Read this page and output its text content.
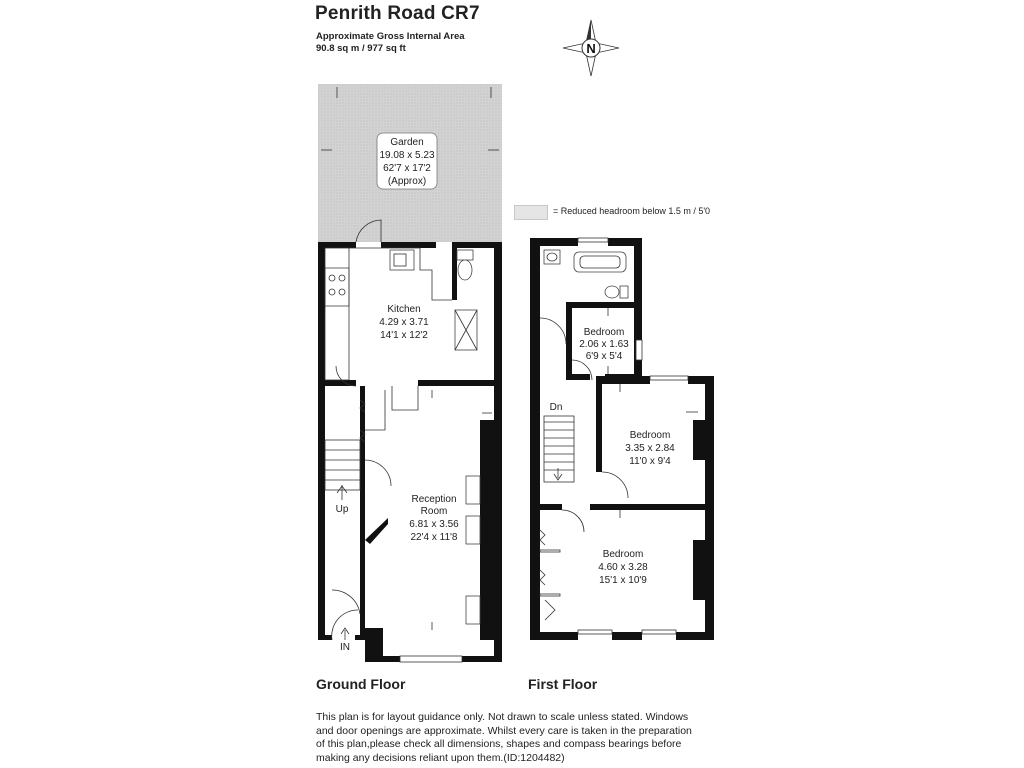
Penrith Road CR7
Approximate Gross Internal Area
90.8 sq m / 977 sq ft
= Reduced headroom below 1.5 m / 5'0
N
Garden
19.08 x 5.23
62'7 x 17'2
(Approx)
Kitchen
4.29 x 3.71
14'1 x 12'2
Reception
Room
6.81 x 3.56
22'4 x 11'8
Bedroom
2.06 x 1.63
6'9 x 5'4
Bedroom
3.35 x 2.84
11'0 x 9'4
Bedroom
4.60 x 3.28
15'1 x 10'9
Up
Dn
IN
Ground Floor	First Floor
This plan is for layout guidance only. Not drawn to scale unless stated. Windows and door openings are approximate. Whilst every care is taken in the preparation of this plan,please check all dimensions, shapes and compass bearings before making any decisions reliant upon them.(ID:1204482)
